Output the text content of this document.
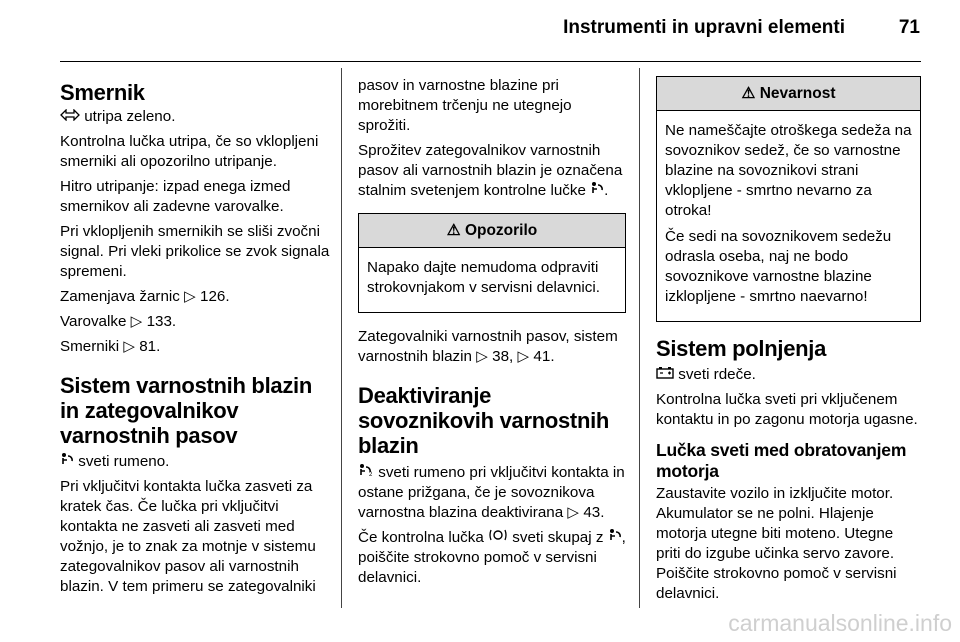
Instrumenti in upravni elementi	71
Smernik

utripa zeleno.

Kontrolna lučka utripa, če so vklopljeni smerniki ali opozorilno utripanje.

Hitro utripanje: izpad enega izmed smernikov ali zadevne varovalke.

Pri vklopljenih smernikih se sliši zvočni signal. Pri vleki prikolice se zvok signala spremeni.

Zamenjava žarnic ▷ 126.

Varovalke ▷ 133.

Smerniki ▷ 81.

Sistem varnostnih blazin in zategovalnikov varnostnih pasov

sveti rumeno.

Pri vključitvi kontakta lučka zasveti za kratek čas. Če lučka pri vključitvi kontakta ne zasveti ali zasveti med vožnjo, je to znak za motnje v sistemu zategovalnikov pasov ali varnostnih blazin. V tem primeru se zategovalniki

pasov in varnostne blazine pri morebitnem trčenju ne utegnejo sprožiti.

Sprožitev zategovalnikov varnostnih pasov ali varnostnih blazin je označena stalnim svetenjem kontrolne lučke .

⚠ Opozorilo

Napako dajte nemudoma odpraviti strokovnjakom v servisni delavnici.

Zategovalniki varnostnih pasov, sistem varnostnih blazin ▷ 38, ▷ 41.

Deaktiviranje sovoznikovih varnostnih blazin

2 sveti rumeno pri vključitvi kontakta in ostane prižgana, če je sovoznikova varnostna blazina deaktivirana ▷ 43.

Če kontrolna lučka sveti skupaj z , poiščite strokovno pomoč v servisni delavnici.

⚠ Nevarnost

Ne nameščajte otroškega sedeža na sovoznikov sedež, če so varnostne blazine na sovoznikovi strani vklopljene - smrtno nevarno za otroka!

Če sedi na sovoznikovem sedežu odrasla oseba, naj ne bodo sovoznikove varnostne blazine izklopljene - smrtno naevarno!

Sistem polnjenja

sveti rdeče.

Kontrolna lučka sveti pri vključenem kontaktu in po zagonu motorja ugasne.

Lučka sveti med obratovanjem motorja

Zaustavite vozilo in izključite motor. Akumulator se ne polni. Hlajenje motorja utegne biti moteno. Utegne priti do izgube učinka servo zavore. Poiščite strokovno pomoč v servisni delavnici.

carmanualsonline.info
